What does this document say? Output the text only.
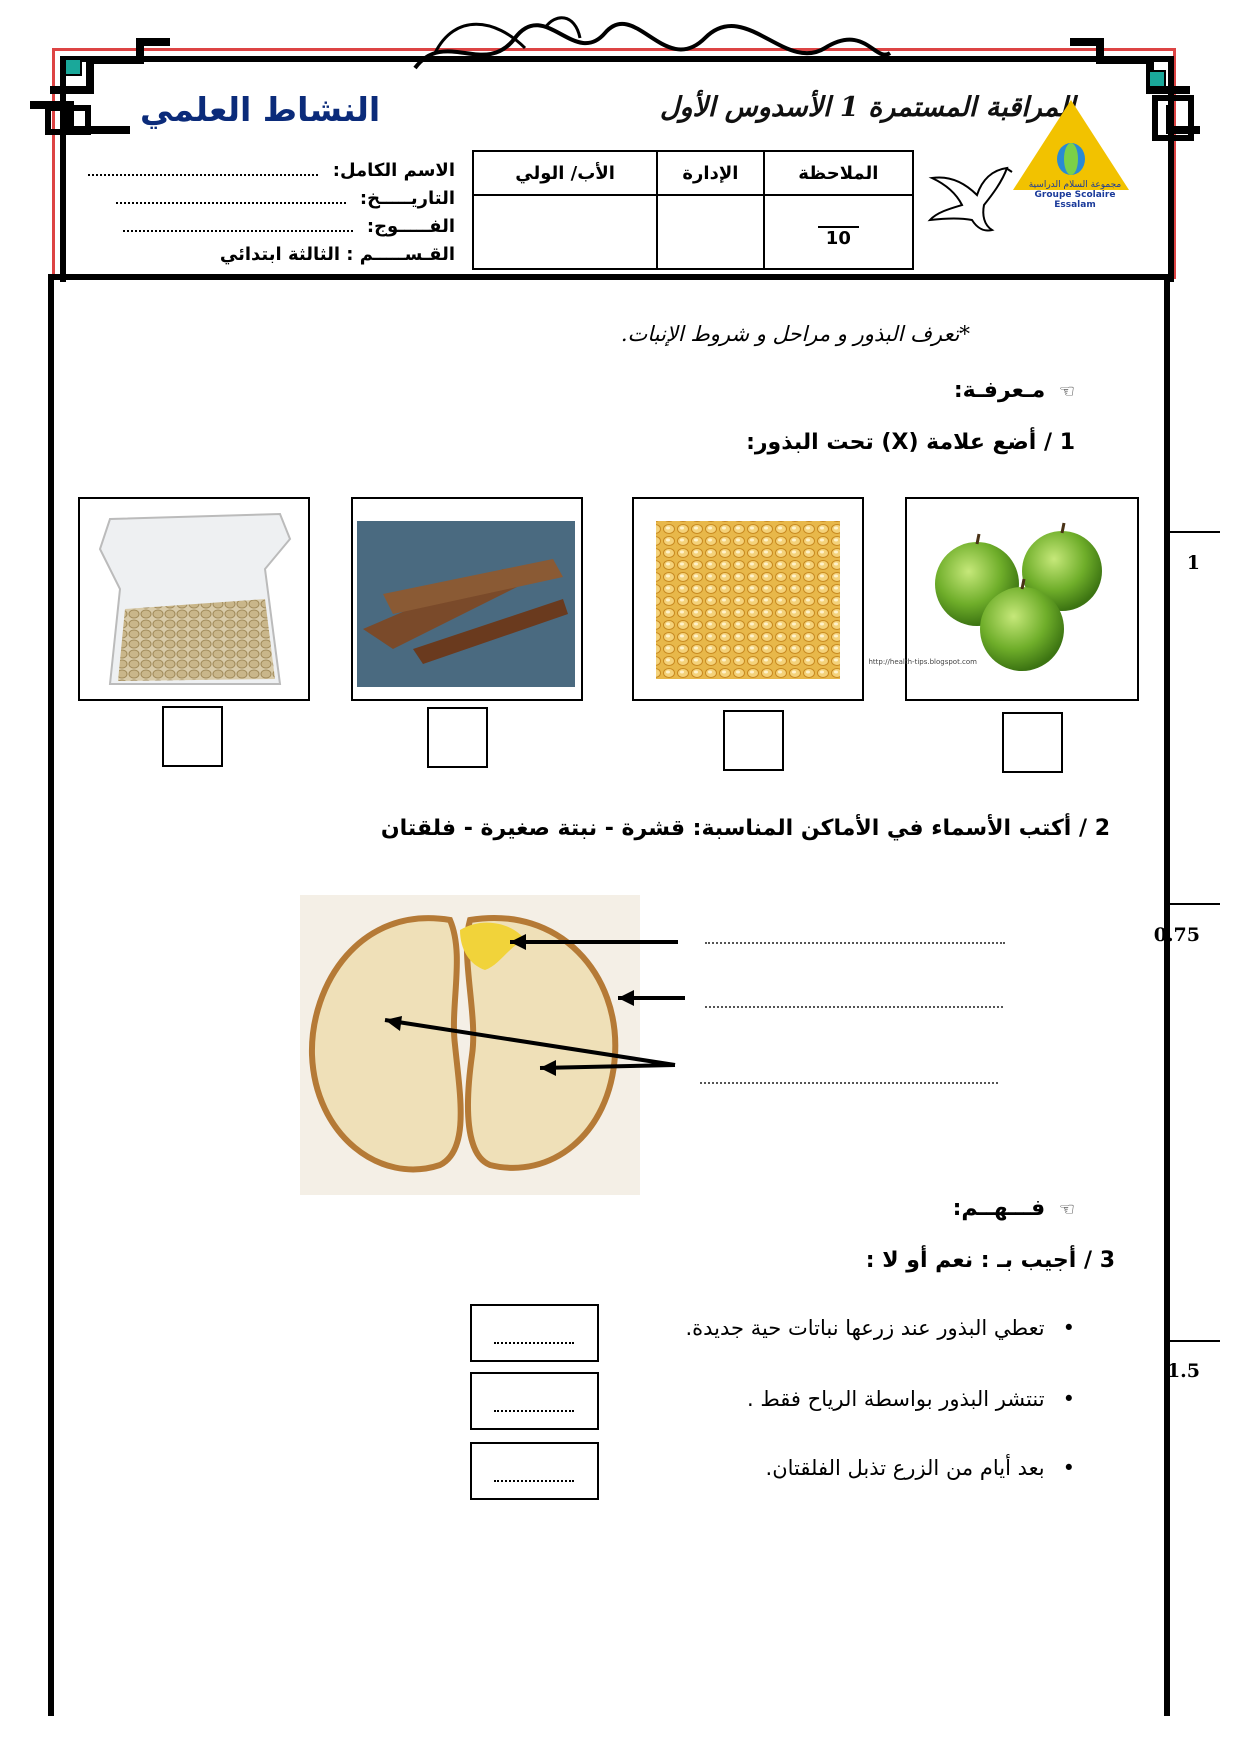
المراقبة المستمرة 1 الأسدوس الأول
النشاط العلمي
مجموعة السلام الدراسية
Groupe Scolaire Essalam
الاسم الكامل:
التاريـــــخ:
الفـــــوج:
القـســـــم : الثالثة ابتدائي
الملاحظة	الإدارة	الأب/ الولي
10		
*تعرف البذور و مراحل و شروط الإنبات.
☜ مـعرفـة:
1 / أضع علامة (X) تحت البذور:
http://health-tips.blogspot.com
1
2 / أكتب الأسماء في الأماكن المناسبة: قشرة - نبتة صغيرة - فلقتان
0.75
☜ فـــهــم:
3 / أجيب بـ : نعم أو لا :
1.5
•تعطي البذور عند زرعها نباتات حية جديدة.
•تنتشر البذور بواسطة الرياح فقط .
•بعد أيام من الزرع تذبل الفلقتان.
